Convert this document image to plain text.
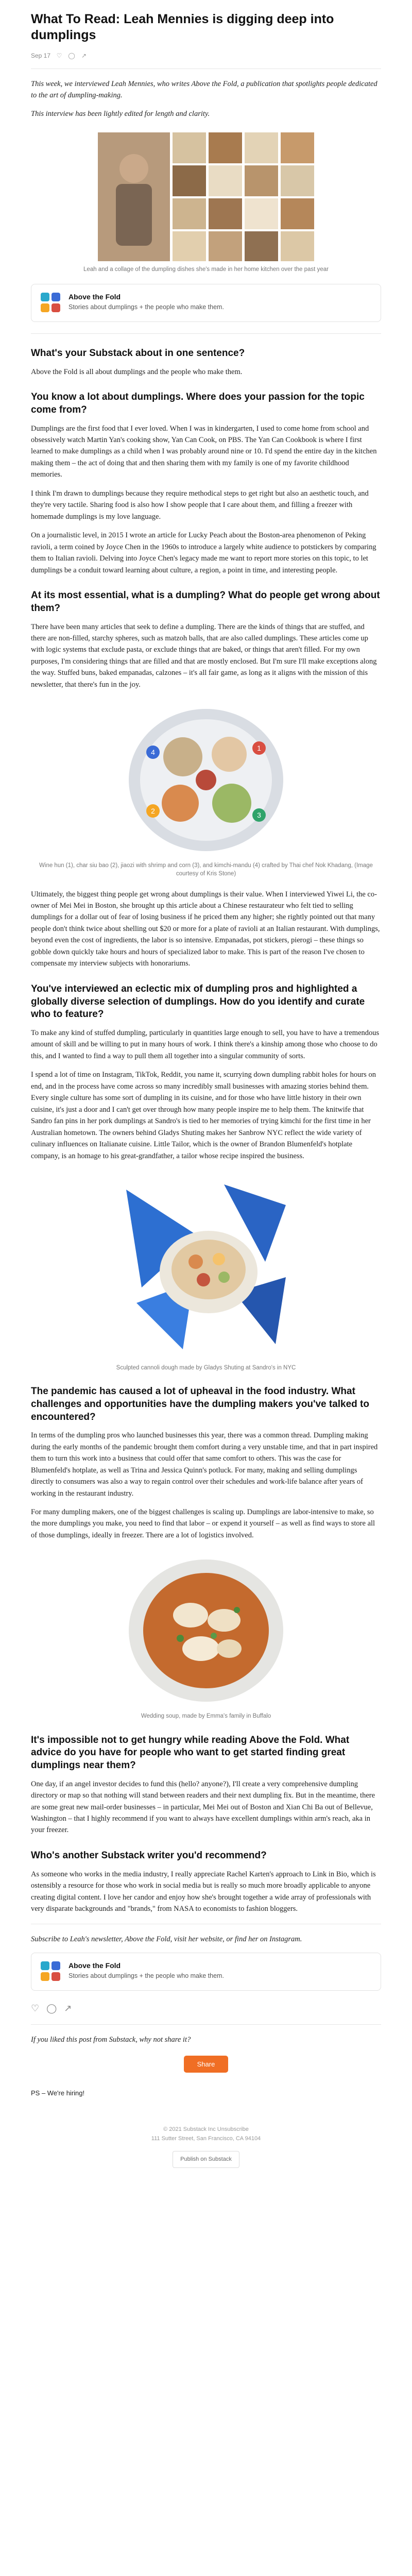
What To Read: Leah Mennies is digging deep into dumplings
Sep 17 ♡ ◯ ↗

This week, we interviewed Leah Mennies, who writes Above the Fold, a publication that spotlights people dedicated to the art of dumpling-making.

This interview has been lightly edited for length and clarity.

Leah and a collage of the dumpling dishes she's made in her home kitchen over the past year
Above the Fold
Stories about dumplings + the people who make them.
What's your Substack about in one sentence?

Above the Fold is all about dumplings and the people who make them.

You know a lot about dumplings. Where does your passion for the topic come from?

Dumplings are the first food that I ever loved. When I was in kindergarten, I used to come home from school and obsessively watch Martin Yan's cooking show, Yan Can Cook, on PBS. The Yan Can Cookbook is where I first learned to make dumplings as a child when I was probably around nine or 10. I'd spend the entire day in the kitchen making them – the act of doing that and then sharing them with my family is one of my favorite childhood memories.

I think I'm drawn to dumplings because they require methodical steps to get right but also an aesthetic touch, and they're very tactile. Sharing food is also how I show people that I care about them, and filling a freezer with homemade dumplings is my love language.

On a journalistic level, in 2015 I wrote an article for Lucky Peach about the Boston-area phenomenon of Peking ravioli, a term coined by Joyce Chen in the 1960s to introduce a largely white audience to potstickers by comparing them to Italian ravioli. Delving into Joyce Chen's legacy made me want to report more stories on this topic, to let dumplings be a conduit toward learning about culture, a region, a point in time, and interesting people.

At its most essential, what is a dumpling? What do people get wrong about them?

There have been many articles that seek to define a dumpling. There are the kinds of things that are stuffed, and there are non-filled, starchy spheres, such as matzoh balls, that are also called dumplings. These articles come up with logic systems that exclude pasta, or exclude things that are baked, or things that aren't filled. For my own purposes, I'm considering things that are filled and that are mostly enclosed. But I'm sure I'll make exceptions along the way. Stuffed buns, baked empanadas, calzones – it's all fair game, as long as it aligns with the mission of this newsletter, that there's fun in the joy.

4	1
2	3
Wine hun (1), char siu bao (2), jiaozi with shrimp and corn (3), and kimchi-mandu (4) crafted by Thai chef Nok Khadang, (Image courtesy of Kris Stone)

Ultimately, the biggest thing people get wrong about dumplings is their value. When I interviewed Yiwei Li, the co-owner of Mei Mei in Boston, she brought up this article about a Chinese restaurateur who felt tied to selling dumplings for a dollar out of fear of losing business if he priced them any higher; she rightly pointed out that many people don't think twice about shelling out $20 or more for a plate of ravioli at an Italian restaurant. With dumplings, beyond even the cost of ingredients, the labor is so intensive. Empanadas, pot stickers, pierogi – these things so gobble down quickly take hours and hours of specialized labor to make. This is part of the reason I've chosen to compensate my interview subjects with honorariums.

You've interviewed an eclectic mix of dumpling pros and highlighted a globally diverse selection of dumplings. How do you identify and curate who to feature?

To make any kind of stuffed dumpling, particularly in quantities large enough to sell, you have to have a tremendous amount of skill and be willing to put in many hours of work. I think there's a kinship among those who choose to do this, and I wanted to find a way to pull them all together into a singular community of sorts.

I spend a lot of time on Instagram, TikTok, Reddit, you name it, scurrying down dumpling rabbit holes for hours on end, and in the process have come across so many incredibly small businesses with amazing stories behind them. Every single culture has some sort of dumpling in its cuisine, and for those who have little history in their own cuisine, it's just a door and I can't get over through how many people inspire me to help them. The knitwife that Sandro fan pins in her pork dumplings at Sandro's is tied to her memories of trying kimchi for the first time in her Australian hometown. The owners behind Gladys Shuting makes her Sanbrow NYC reflect the wide variety of culinary influences on Italianate cuisine. Little Tailor, which is the owner of Brandon Blumenfeld's hotplate company, is an homage to his great-grandfather, a tailor whose recipe inspired the business.

Sculpted cannoli dough made by Gladys Shuting at Sandro's in NYC
The pandemic has caused a lot of upheaval in the food industry. What challenges and opportunities have the dumpling makers you've talked to encountered?

In terms of the dumpling pros who launched businesses this year, there was a common thread. Dumpling making during the early months of the pandemic brought them comfort during a very unstable time, and that in part inspired them to turn this work into a business that could offer that same comfort to others. This was the case for Blumenfeld's hotplate, as well as Trina and Jessica Quinn's potluck. For many, making and selling dumplings directly to consumers was also a way to regain control over their schedules and work-life balance after years of working in the restaurant industry.

For many dumpling makers, one of the biggest challenges is scaling up. Dumplings are labor-intensive to make, so the more dumplings you make, you need to find that labor – or expend it yourself – as well as find ways to store all of those dumplings, ideally in freezer. There are a lot of logistics involved.

Wedding soup, made by Emma's family in Buffalo
It's impossible not to get hungry while reading Above the Fold. What advice do you have for people who want to get started finding great dumplings near them?

One day, if an angel investor decides to fund this (hello? anyone?), I'll create a very comprehensive dumpling directory or map so that nothing will stand between readers and their next dumpling fix. But in the meantime, there are some great new mail-order businesses – in particular, Mei Mei out of Boston and Xian Chi Ba out of Bellevue, Washington – that I highly recommend if you want to always have excellent dumplings within arm's reach, aka in your freezer.

Who's another Substack writer you'd recommend?

As someone who works in the media industry, I really appreciate Rachel Karten's approach to Link in Bio, which is ostensibly a resource for those who work in social media but is really so much more broadly applicable to anyone creating digital content. I love her candor and enjoy how she's brought together a wide array of professionals with very disparate backgrounds and "brands," from NASA to economists to fashion bloggers.

Subscribe to Leah's newsletter, Above the Fold, visit her website, or find her on Instagram.

Above the Fold
Stories about dumplings + the people who make them.
♡ ◯ ↗

If you liked this post from Substack, why not share it?

Share

PS – We're hiring!

© 2021 Substack Inc Unsubscribe
111 Sutter Street, San Francisco, CA 94104
Publish on Substack
